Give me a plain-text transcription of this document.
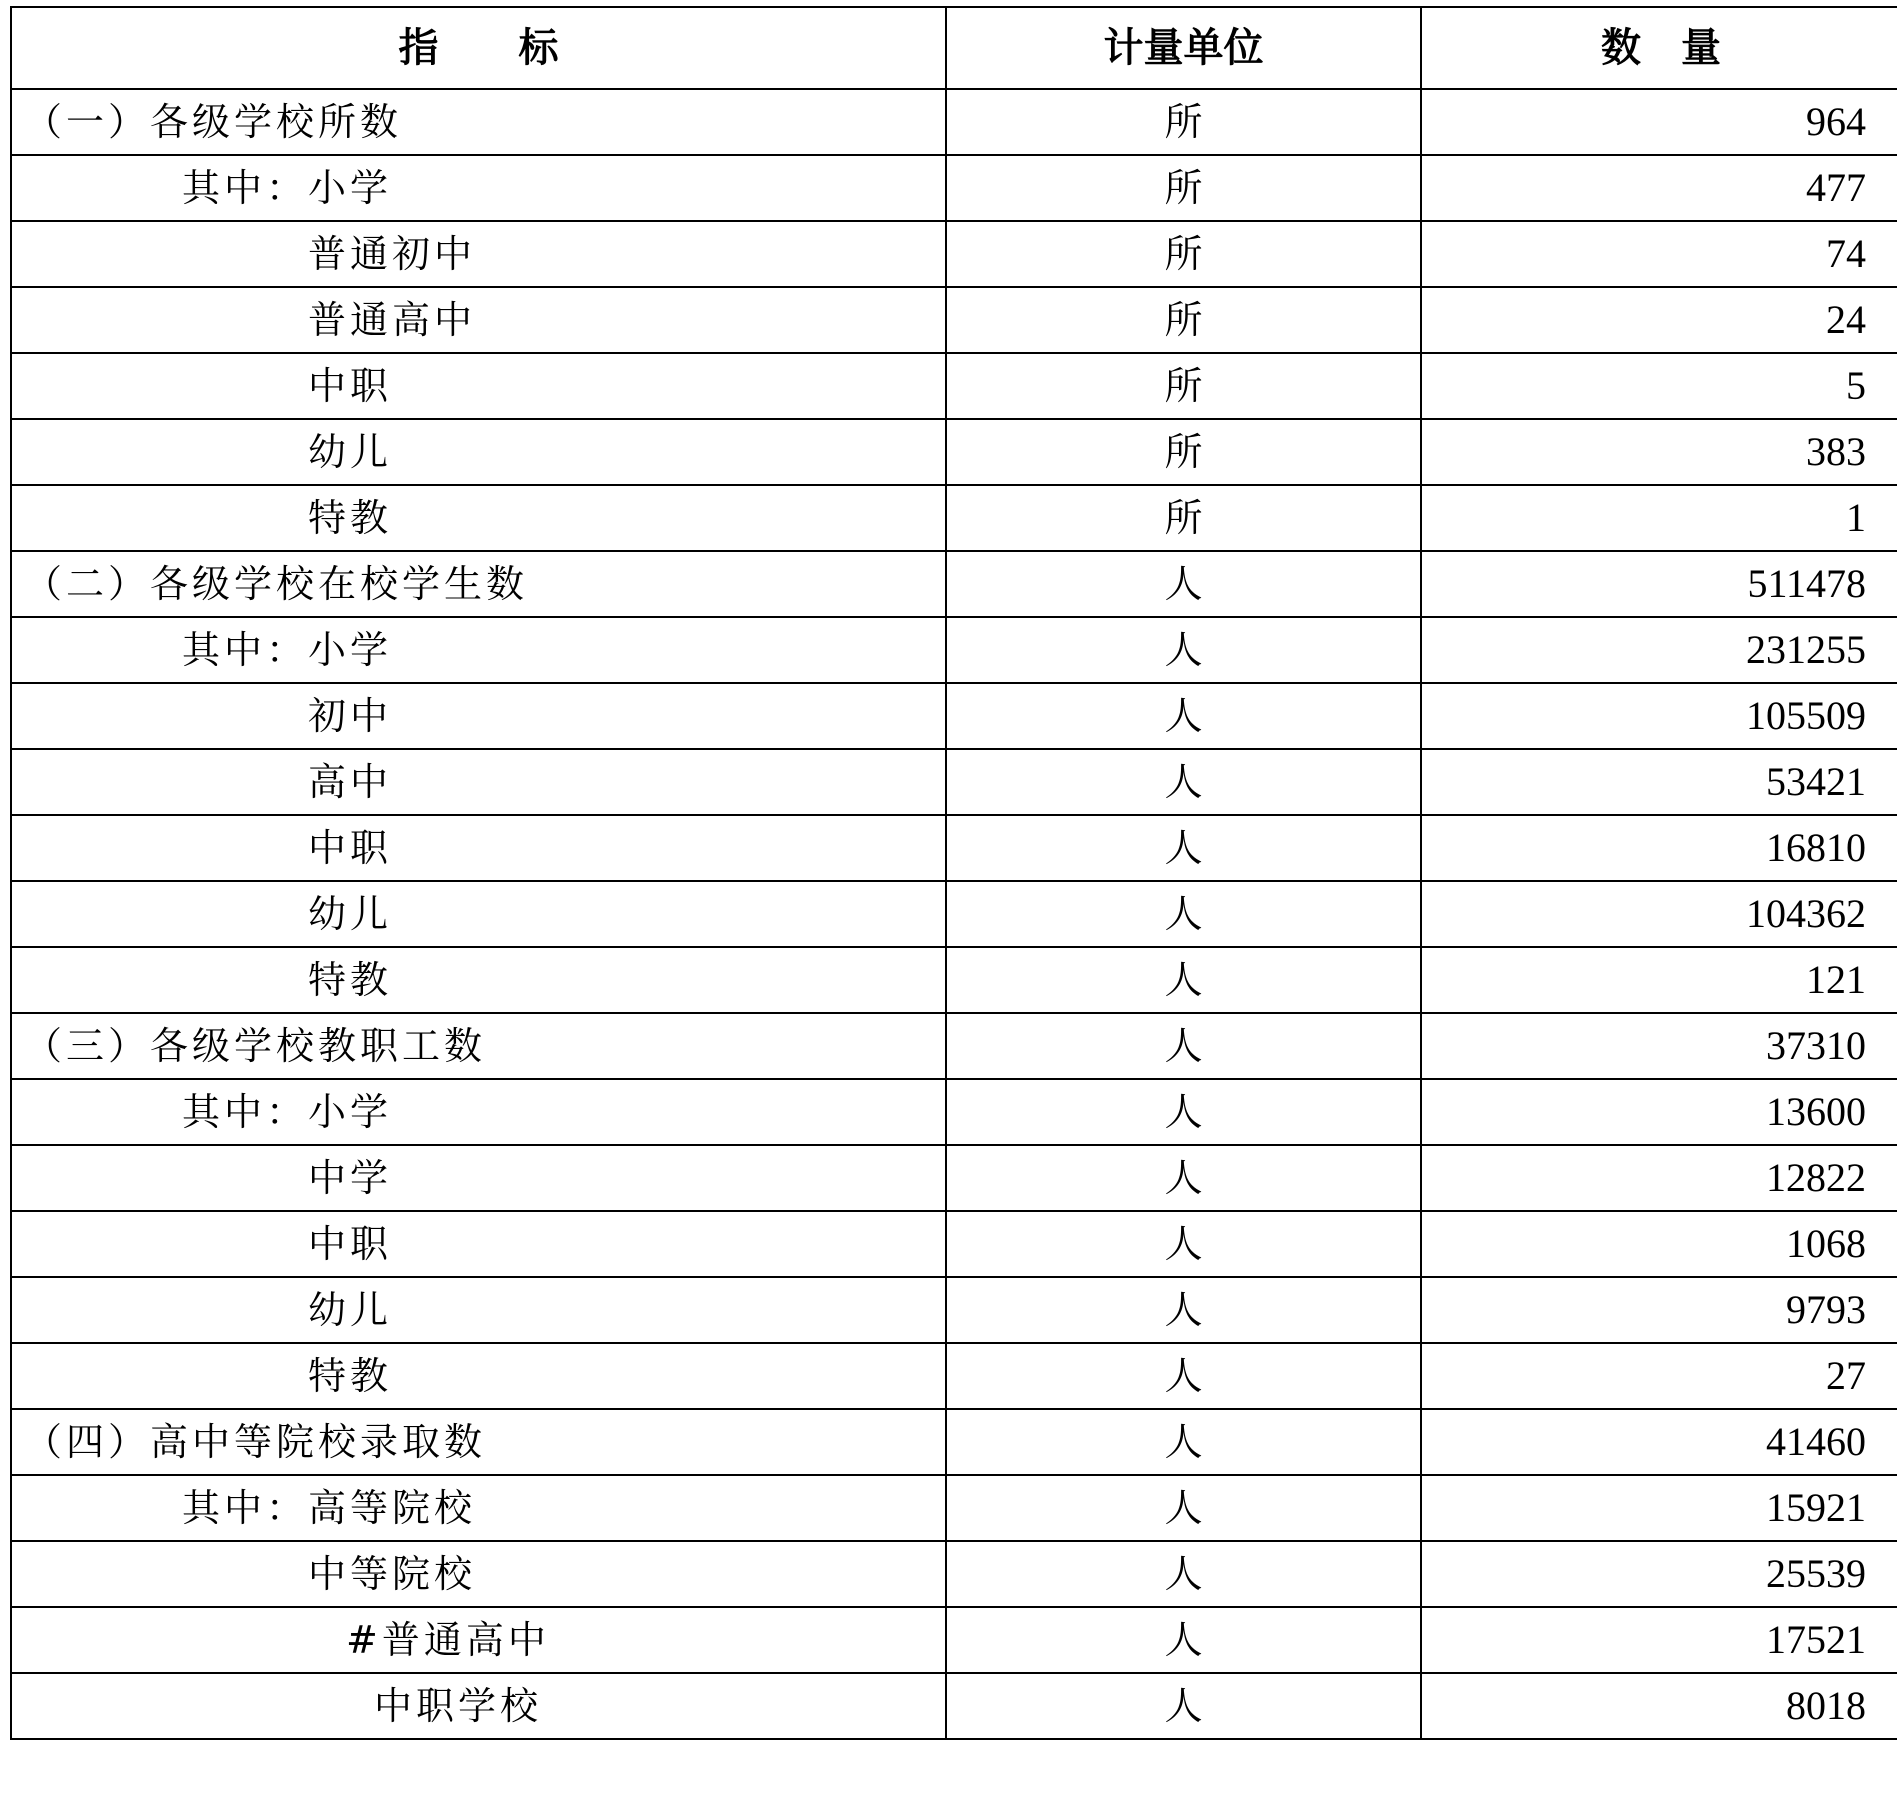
指　　标	计量单位	数　量
（一）各级学校所数	所	964
其中：小学	所	477
普通初中	所	74
普通高中	所	24
中职	所	5
幼儿	所	383
特教	所	1
（二）各级学校在校学生数	人	511478
其中：小学	人	231255
初中	人	105509
高中	人	53421
中职	人	16810
幼儿	人	104362
特教	人	121
（三）各级学校教职工数	人	37310
其中：小学	人	13600
中学	人	12822
中职	人	1068
幼儿	人	9793
特教	人	27
（四）高中等院校录取数	人	41460
其中：高等院校	人	15921
中等院校	人	25539
#普通高中	人	17521
中职学校	人	8018
